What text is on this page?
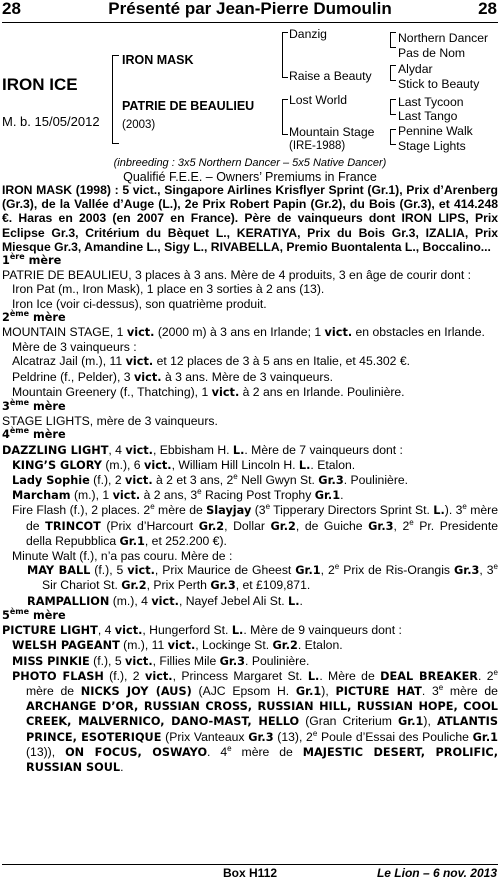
28	Présenté par Jean-Pierre Dumoulin	28
IRON ICE
M. b. 15/05/2012
IRON MASK
PATRIE DE BEAULIEU
(2003)
Danzig
Raise a Beauty
Lost World
Mountain Stage
(IRE-1988)
Northern Dancer
Pas de Nom
Alydar
Stick to Beauty
Last Tycoon
Last Tango
Pennine Walk
Stage Lights
(inbreeding : 3x5 Northern Dancer – 5x5 Native Dancer)
Qualifié F.E.E. – Owners’ Premiums in France

IRON MASK (1998) : 5 vict., Singapore Airlines Krisflyer Sprint (Gr.1), Prix d’Arenberg (Gr.3), de la Vallée d’Auge (L.), 2e Prix Robert Papin (Gr.2), du Bois (Gr.3), et 414.248 €. Haras en 2003 (en 2007 en France). Père de vainqueurs dont IRON LIPS, Prix Eclipse Gr.3, Critérium du Bèquet L., KERATIYA, Prix du Bois Gr.3, IZALIA, Prix Miesque Gr.3, Amandine L., Sigy L., RIVABELLA, Premio Buontalenta L., Boccalino...

1ère mère

PATRIE DE BEAULIEU, 3 places à 3 ans. Mère de 4 produits, 3 en âge de courir dont :

Iron Pat (m., Iron Mask), 1 place en 3 sorties à 2 ans (13).

Iron Ice (voir ci-dessus), son quatrième produit.

2ème mère

MOUNTAIN STAGE, 1 vict. (2000 m) à 3 ans en Irlande; 1 vict. en obstacles en Irlande. Mère de 3 vainqueurs :

Alcatraz Jail (m.), 11 vict. et 12 places de 3 à 5 ans en Italie, et 45.302 €.

Peldrine (f., Pelder), 3 vict. à 3 ans. Mère de 3 vainqueurs.

Mountain Greenery (f., Thatching), 1 vict. à 2 ans en Irlande. Poulinière.

3ème mère

STAGE LIGHTS, mère de 3 vainqueurs.

4ème mère

DAZZLING LIGHT, 4 vict., Ebbisham H. L.. Mère de 7 vainqueurs dont :

KING’S GLORY (m.), 6 vict., William Hill Lincoln H. L.. Etalon.

Lady Sophie (f.), 2 vict. à 2 et 3 ans, 2e Nell Gwyn St. Gr.3. Poulinière.

Marcham (m.), 1 vict. à 2 ans, 3e Racing Post Trophy Gr.1.

Fire Flash (f.), 2 places. 2e mère de Slayjay (3e Tipperary Directors Sprint St. L.). 3e mère de TRINCOT (Prix d’Harcourt Gr.2, Dollar Gr.2, de Guiche Gr.3, 2e Pr. Presidente della Repubblica Gr.1, et 252.200 €).

Minute Walt (f.), n’a pas couru. Mère de :

MAY BALL (f.), 5 vict., Prix Maurice de Gheest Gr.1, 2e Prix de Ris-Orangis Gr.3, 3e Sir Chariot St. Gr.2, Prix Perth Gr.3, et £109,871.

RAMPALLION (m.), 4 vict., Nayef Jebel Ali St. L..

5ème mère

PICTURE LIGHT, 4 vict., Hungerford St. L.. Mère de 9 vainqueurs dont :

WELSH PAGEANT (m.), 11 vict., Lockinge St. Gr.2. Etalon.

MISS PINKIE (f.), 5 vict., Fillies Mile Gr.3. Poulinière.

PHOTO FLASH (f.), 2 vict., Princess Margaret St. L.. Mère de DEAL BREAKER. 2e mère de NICKS JOY (AUS) (AJC Epsom H. Gr.1), PICTURE HAT. 3e mère de ARCHANGE D’OR, RUSSIAN CROSS, RUSSIAN HILL, RUSSIAN HOPE, COOL CREEK, MALVERNICO, DANO-MAST, HELLO (Gran Criterium Gr.1), ATLANTIS PRINCE, ESOTERIQUE (Prix Vanteaux Gr.3 (13), 2e Poule d’Essai des Pouliche Gr.1 (13)), ON FOCUS, OSWAYO. 4e mère de MAJESTIC DESERT, PROLIFIC, RUSSIAN SOUL.

Box H112	Le Lion – 6 nov. 2013
